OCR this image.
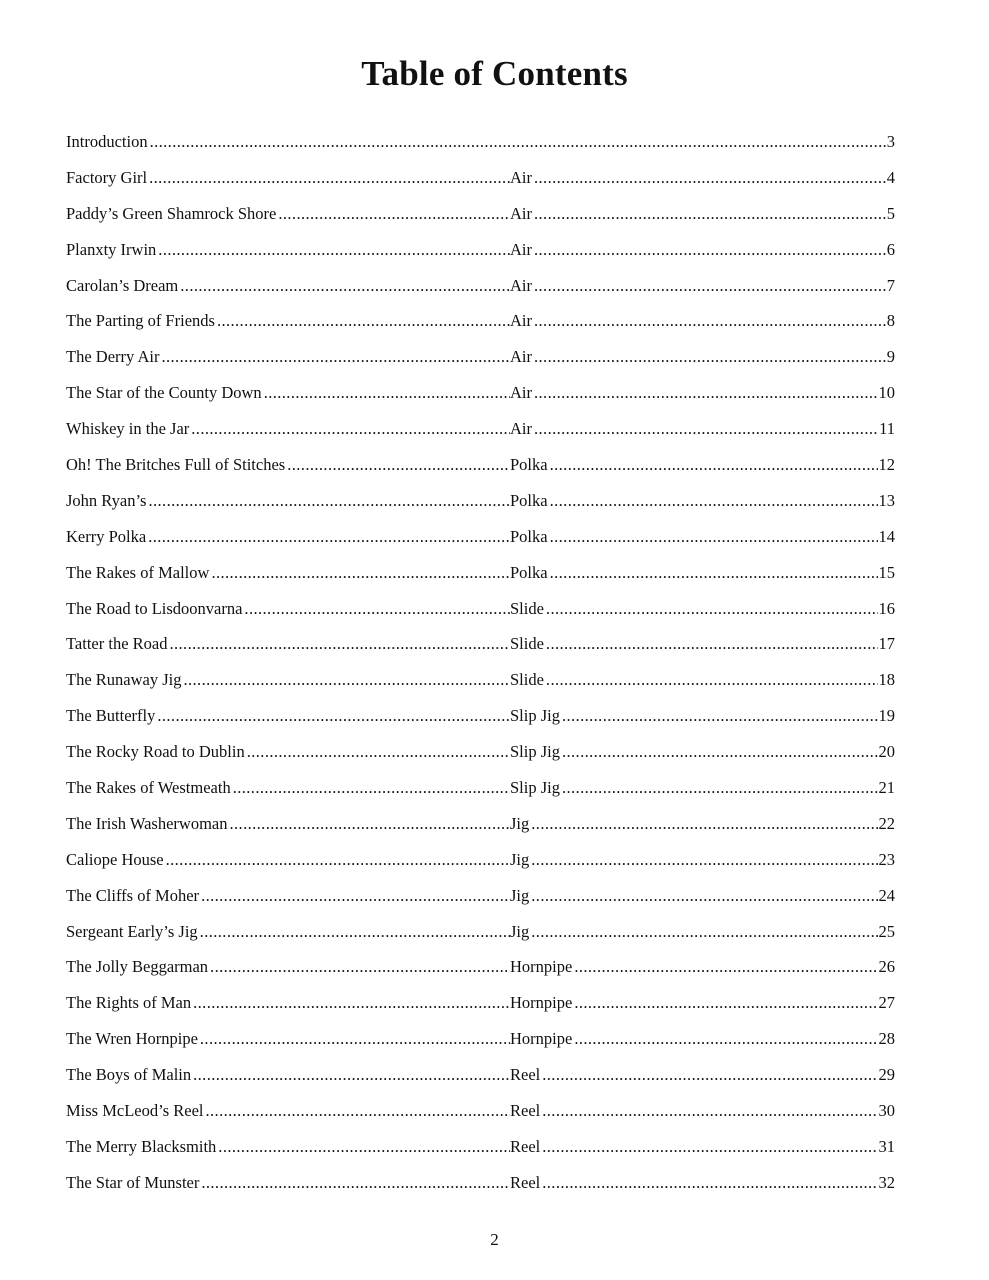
Table of Contents
Introduction .....	3
Factory Girl .....	Air .....	4
Paddy’s Green Shamrock Shore .....	Air .....	5
Planxty Irwin .....	Air .....	6
Carolan’s Dream .....	Air .....	7
The Parting of Friends .....	Air .....	8
The Derry Air .....	Air .....	9
The Star of the County Down .....	Air .....	10
Whiskey in the Jar .....	Air .....	11
Oh! The Britches Full of Stitches .....	Polka .....	12
John Ryan’s .....	Polka .....	13
Kerry Polka .....	Polka .....	14
The Rakes of Mallow .....	Polka .....	15
The Road to Lisdoonvarna .....	Slide .....	16
Tatter the Road .....	Slide .....	17
The Runaway Jig .....	Slide .....	18
The Butterfly .....	Slip Jig .....	19
The Rocky Road to Dublin .....	Slip Jig .....	20
The Rakes of Westmeath .....	Slip Jig .....	21
The Irish Washerwoman .....	Jig .....	22
Caliope House .....	Jig .....	23
The Cliffs of Moher .....	Jig .....	24
Sergeant Early’s Jig .....	Jig .....	25
The Jolly Beggarman .....	Hornpipe .....	26
The Rights of Man .....	Hornpipe .....	27
The Wren Hornpipe .....	Hornpipe .....	28
The Boys of Malin .....	Reel .....	29
Miss McLeod’s Reel .....	Reel .....	30
The Merry Blacksmith .....	Reel .....	31
The Star of Munster .....	Reel .....	32
2
